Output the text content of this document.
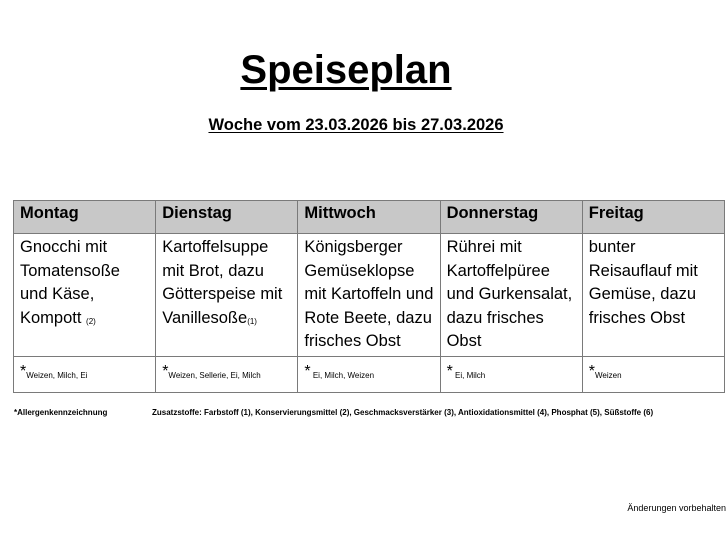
Speiseplan
Woche vom 23.03.2026 bis 27.03.2026
Montag	Dienstag	Mittwoch	Donnerstag	Freitag
Gnocchi mit Tomatensoße und Käse, Kompott (2)	Kartoffelsuppe mit Brot, dazu Götterspeise mit Vanillesoße(1)	Königsberger Gemüseklopse mit Kartoffeln und Rote Beete, dazu frisches Obst	Rührei mit Kartoffelpüree und Gurkensalat, dazu frisches Obst	bunter Reisauflauf mit Gemüse, dazu frisches Obst
*Weizen, Milch, Ei	*Weizen, Sellerie, Ei, Milch	* Ei, Milch, Weizen	* Ei, Milch	*Weizen
*Allergenkennzeichnung	Zusatzstoffe: Farbstoff (1), Konservierungsmittel (2), Geschmacksverstärker (3), Antioxidationsmittel (4), Phosphat (5), Süßstoffe (6)
Änderungen vorbehalten
